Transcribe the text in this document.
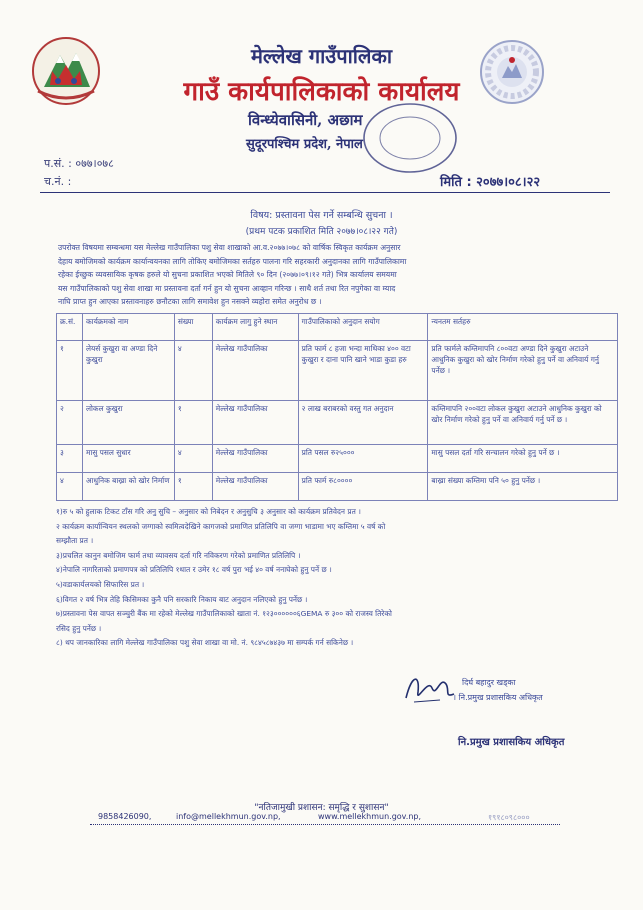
मेल्लेख गाउँपालिका
गाउँ कार्यपालिकाको कार्यालय
विन्ध्येवासिनी, अछाम
सुदूरपश्चिम प्रदेश, नेपाल
प.सं. : ०७७।०७८
च.नं. :	मिति : २०७७।०८।२२
विषय: प्रस्तावना पेस गर्ने सम्बन्धि सुचना ।
(प्रथम पटक प्रकाशित मिति २०७७।०८।२२ गते)
उपरोक्त विषयमा सम्बन्धमा यस मेल्लेख गाउँपालिका पशु सेवा शाखाको आ.व.२०७७।०७८ को वार्षिक स्विकृत कार्यक्रम अनुसार
देहाय बमोजिमको कार्यक्रम कार्यान्वयनका लागि तोकिए बमोजिमका सर्तहरु पालना गरि सहरकारी अनुदानका लागि गाउँपालिकामा
रहेका ईच्छुक व्यवसायिक कृषक हरुले यो सुचना प्रकाशित भएको मितिले ९० दिन (२०७७।०९।१२ गते) भित्र कार्यालय समयमा
यस गाउँपालिकाको पशु सेवा शाखा मा प्रस्तावना दर्ता गर्न हुन यो सुचना आव्हान गरिन्छ । साथै शर्त तथा रित नपुगेका वा म्याद
नाघि प्राप्त हुन आएका प्रस्तावनाहरु छनौटका लागि समावेश हुन नसक्ने व्यहोरा समेत अनुरोध छ ।
क्र.सं.	कार्यक्रमको नाम	संख्या	कार्यक्रम लागु हुने स्थान	गाउँपालिकाको अनुदान सयोग	न्यनतम सर्तहरु
१	लेयर्स कुखुरा वा अण्डा दिने कुखुरा	४	मेल्लेख गाउँपालिका	प्रति फार्म ८ हजा भन्दा माथिका ४०० वटा कुखुरा र दाना पानि खाने भाडा कुडा हरु	प्रति फार्मले कम्तिमापनि ८००वटा अण्डा दिने कुखुरा अटाउने आधुनिक कुखुरा को खोर निर्माण गरेको हुनु पर्ने वा अनिवार्य गर्नु पर्नेछ ।
२	लोकल कुखुरा	१	मेल्लेख गाउँपालिका	२ लाख बराबरको वस्तु गत अनुदान	कम्तिमापनि २००वटा लोकल कुखुरा अटाउने आधुनिक कुखुरा को खोर निर्माण गरेको हुनु पर्ने वा अनिवार्य गर्नु पर्ने छ ।
३	मासु पसल सुधार	४	मेल्लेख गाउँपालिका	प्रति पसल रु२५०००	मासु पसल दर्ता गरि सन्चालन गरेको हुनु पर्ने छ ।
४	आधुनिक बाख्रा को खोर निर्माण	१	मेल्लेख गाउँपालिका	प्रति फार्म रु८००००	बाख्रा संख्या कम्तिमा पनि ५० हुनु पर्नेछ ।
१)रु ५ को हुलाक टिकट टाँस गरि अनु सुचि – अनुसार को निबेदन र अनुसुचि ३ अनुसार को कार्यक्रम प्रतिवेदन प्रत ।
२ कार्यक्रम कार्यान्वियन स्थलको जग्गाको स्वमित्वदेखिने कागजको प्रमाणित प्रतिलिपि वा जग्गा भाडामा भए कम्तिमा ५ वर्ष को
सम्झौता प्रत ।
३)प्रचलित कानुन बमोजिम फार्म तथा व्यावसय दर्ता गरि नविकरण गरेको प्रमाणित प्रतिलिपि ।
४)नेपालि नागरिताको प्रमाणपत्र को प्रतिलिपि १थात र उमेर १८ वर्ष पुरा भई ४० वर्ष ननाघेको हुनु पर्ने छ ।
५)वडाकार्यलयको सिफारिस प्रत ।
६)विगत २ वर्ष भित्र तेहि किसिमका कुनै पनि सरकारि निकाय बाट अनुदान नलिएको हुनु पर्नेछ ।
७)प्रस्तावना पेस वापत सञ्चुरी बैंक मा रहेको मेल्लेख गाउँपालिकाको खाता नं. १२३००००००६GEMA रु ३०० को राजस्व तिरेको
रसिद हुनु पर्नेछ ।
८) थप जानकारिका लागि मेल्लेख गाउँपालिका पशु सेवा शाखा वा मो. नं. ९८४५८७४३७ मा सम्पर्क गर्न सकिनेछ ।
दिर्घ बहादुर खड्का
। नि.प्रमुख प्रशासकिय अधिकृत
नि.प्रमुख प्रशासकिय अधिकृत
"नतिजामुखी प्रशासन: समृद्धि र सुशासन"
9858426090,	info@mellekhmun.gov.np,	www.mellekhmun.gov.np,	१९१८०९८०००
